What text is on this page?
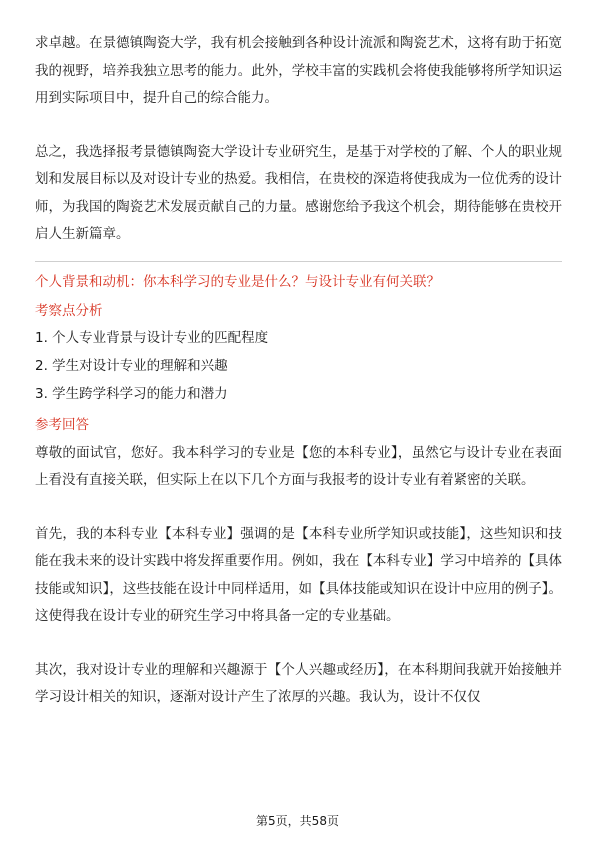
求卓越。在景德镇陶瓷大学，我有机会接触到各种设计流派和陶瓷艺术，这将有助于拓宽我的视野，培养我独立思考的能力。此外，学校丰富的实践机会将使我能够将所学知识运用到实际项目中，提升自己的综合能力。

总之，我选择报考景德镇陶瓷大学设计专业研究生，是基于对学校的了解、个人的职业规划和发展目标以及对设计专业的热爱。我相信，在贵校的深造将使我成为一位优秀的设计师，为我国的陶瓷艺术发展贡献自己的力量。感谢您给予我这个机会，期待能够在贵校开启人生新篇章。

个人背景和动机：你本科学习的专业是什么？与设计专业有何关联？

考察点分析

1. 个人专业背景与设计专业的匹配程度

2. 学生对设计专业的理解和兴趣

3. 学生跨学科学习的能力和潜力

参考回答

尊敬的面试官，您好。我本科学习的专业是【您的本科专业】，虽然它与设计专业在表面上看没有直接关联，但实际上在以下几个方面与我报考的设计专业有着紧密的关联。

首先，我的本科专业【本科专业】强调的是【本科专业所学知识或技能】，这些知识和技能在我未来的设计实践中将发挥重要作用。例如，我在【本科专业】学习中培养的【具体技能或知识】，这些技能在设计中同样适用，如【具体技能或知识在设计中应用的例子】。这使得我在设计专业的研究生学习中将具备一定的专业基础。

其次，我对设计专业的理解和兴趣源于【个人兴趣或经历】，在本科期间我就开始接触并学习设计相关的知识，逐渐对设计产生了浓厚的兴趣。我认为，设计不仅仅

第5页，共58页
